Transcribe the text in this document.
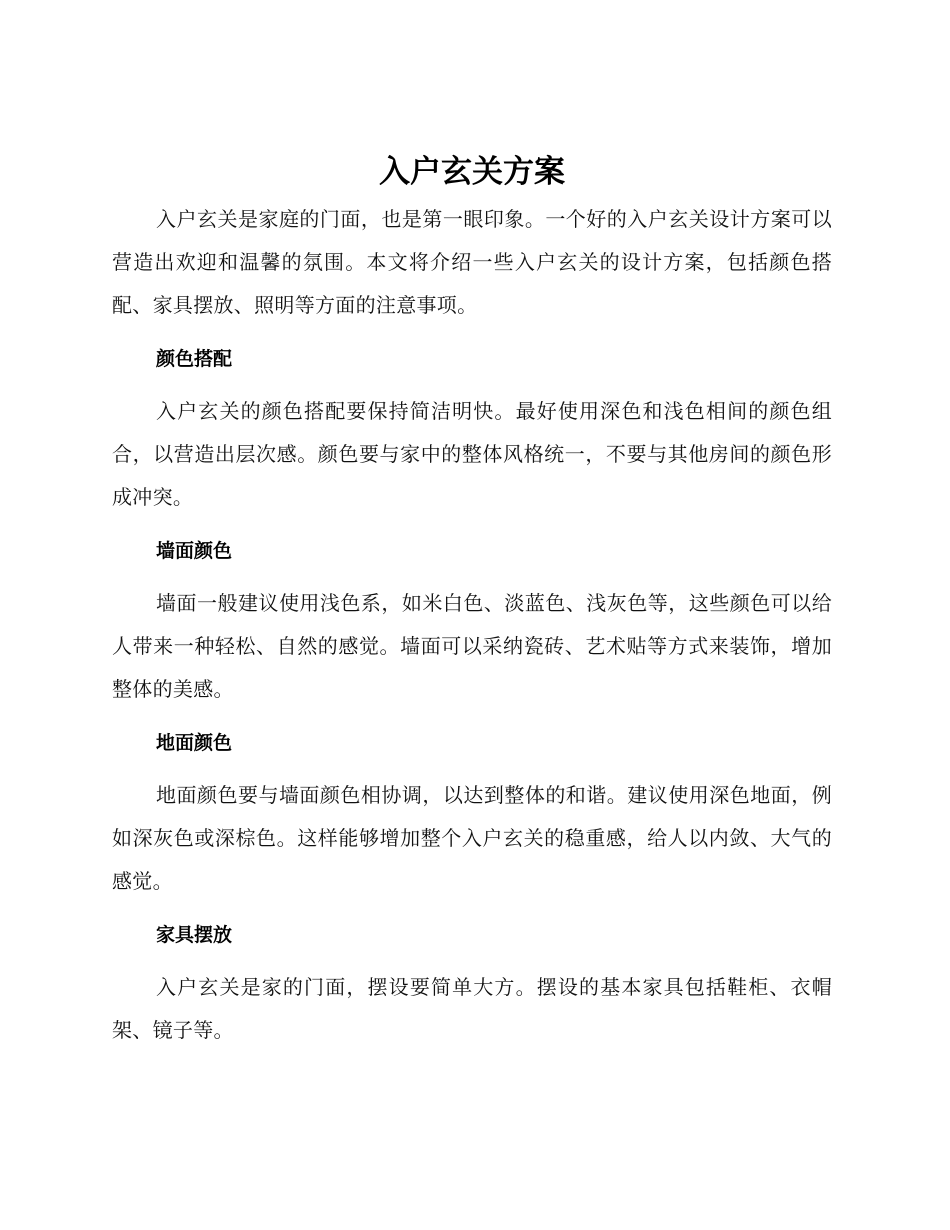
入户玄关方案

入户玄关是家庭的门面，也是第一眼印象。一个好的入户玄关设计方案可以营造出欢迎和温馨的氛围。本文将介绍一些入户玄关的设计方案，包括颜色搭配、家具摆放、照明等方面的注意事项。

颜色搭配

入户玄关的颜色搭配要保持简洁明快。最好使用深色和浅色相间的颜色组合，以营造出层次感。颜色要与家中的整体风格统一，不要与其他房间的颜色形成冲突。

墙面颜色

墙面一般建议使用浅色系，如米白色、淡蓝色、浅灰色等，这些颜色可以给人带来一种轻松、自然的感觉。墙面可以采纳瓷砖、艺术贴等方式来装饰，增加整体的美感。

地面颜色

地面颜色要与墙面颜色相协调，以达到整体的和谐。建议使用深色地面，例如深灰色或深棕色。这样能够增加整个入户玄关的稳重感，给人以内敛、大气的感觉。

家具摆放

入户玄关是家的门面，摆设要简单大方。摆设的基本家具包括鞋柜、衣帽架、镜子等。
